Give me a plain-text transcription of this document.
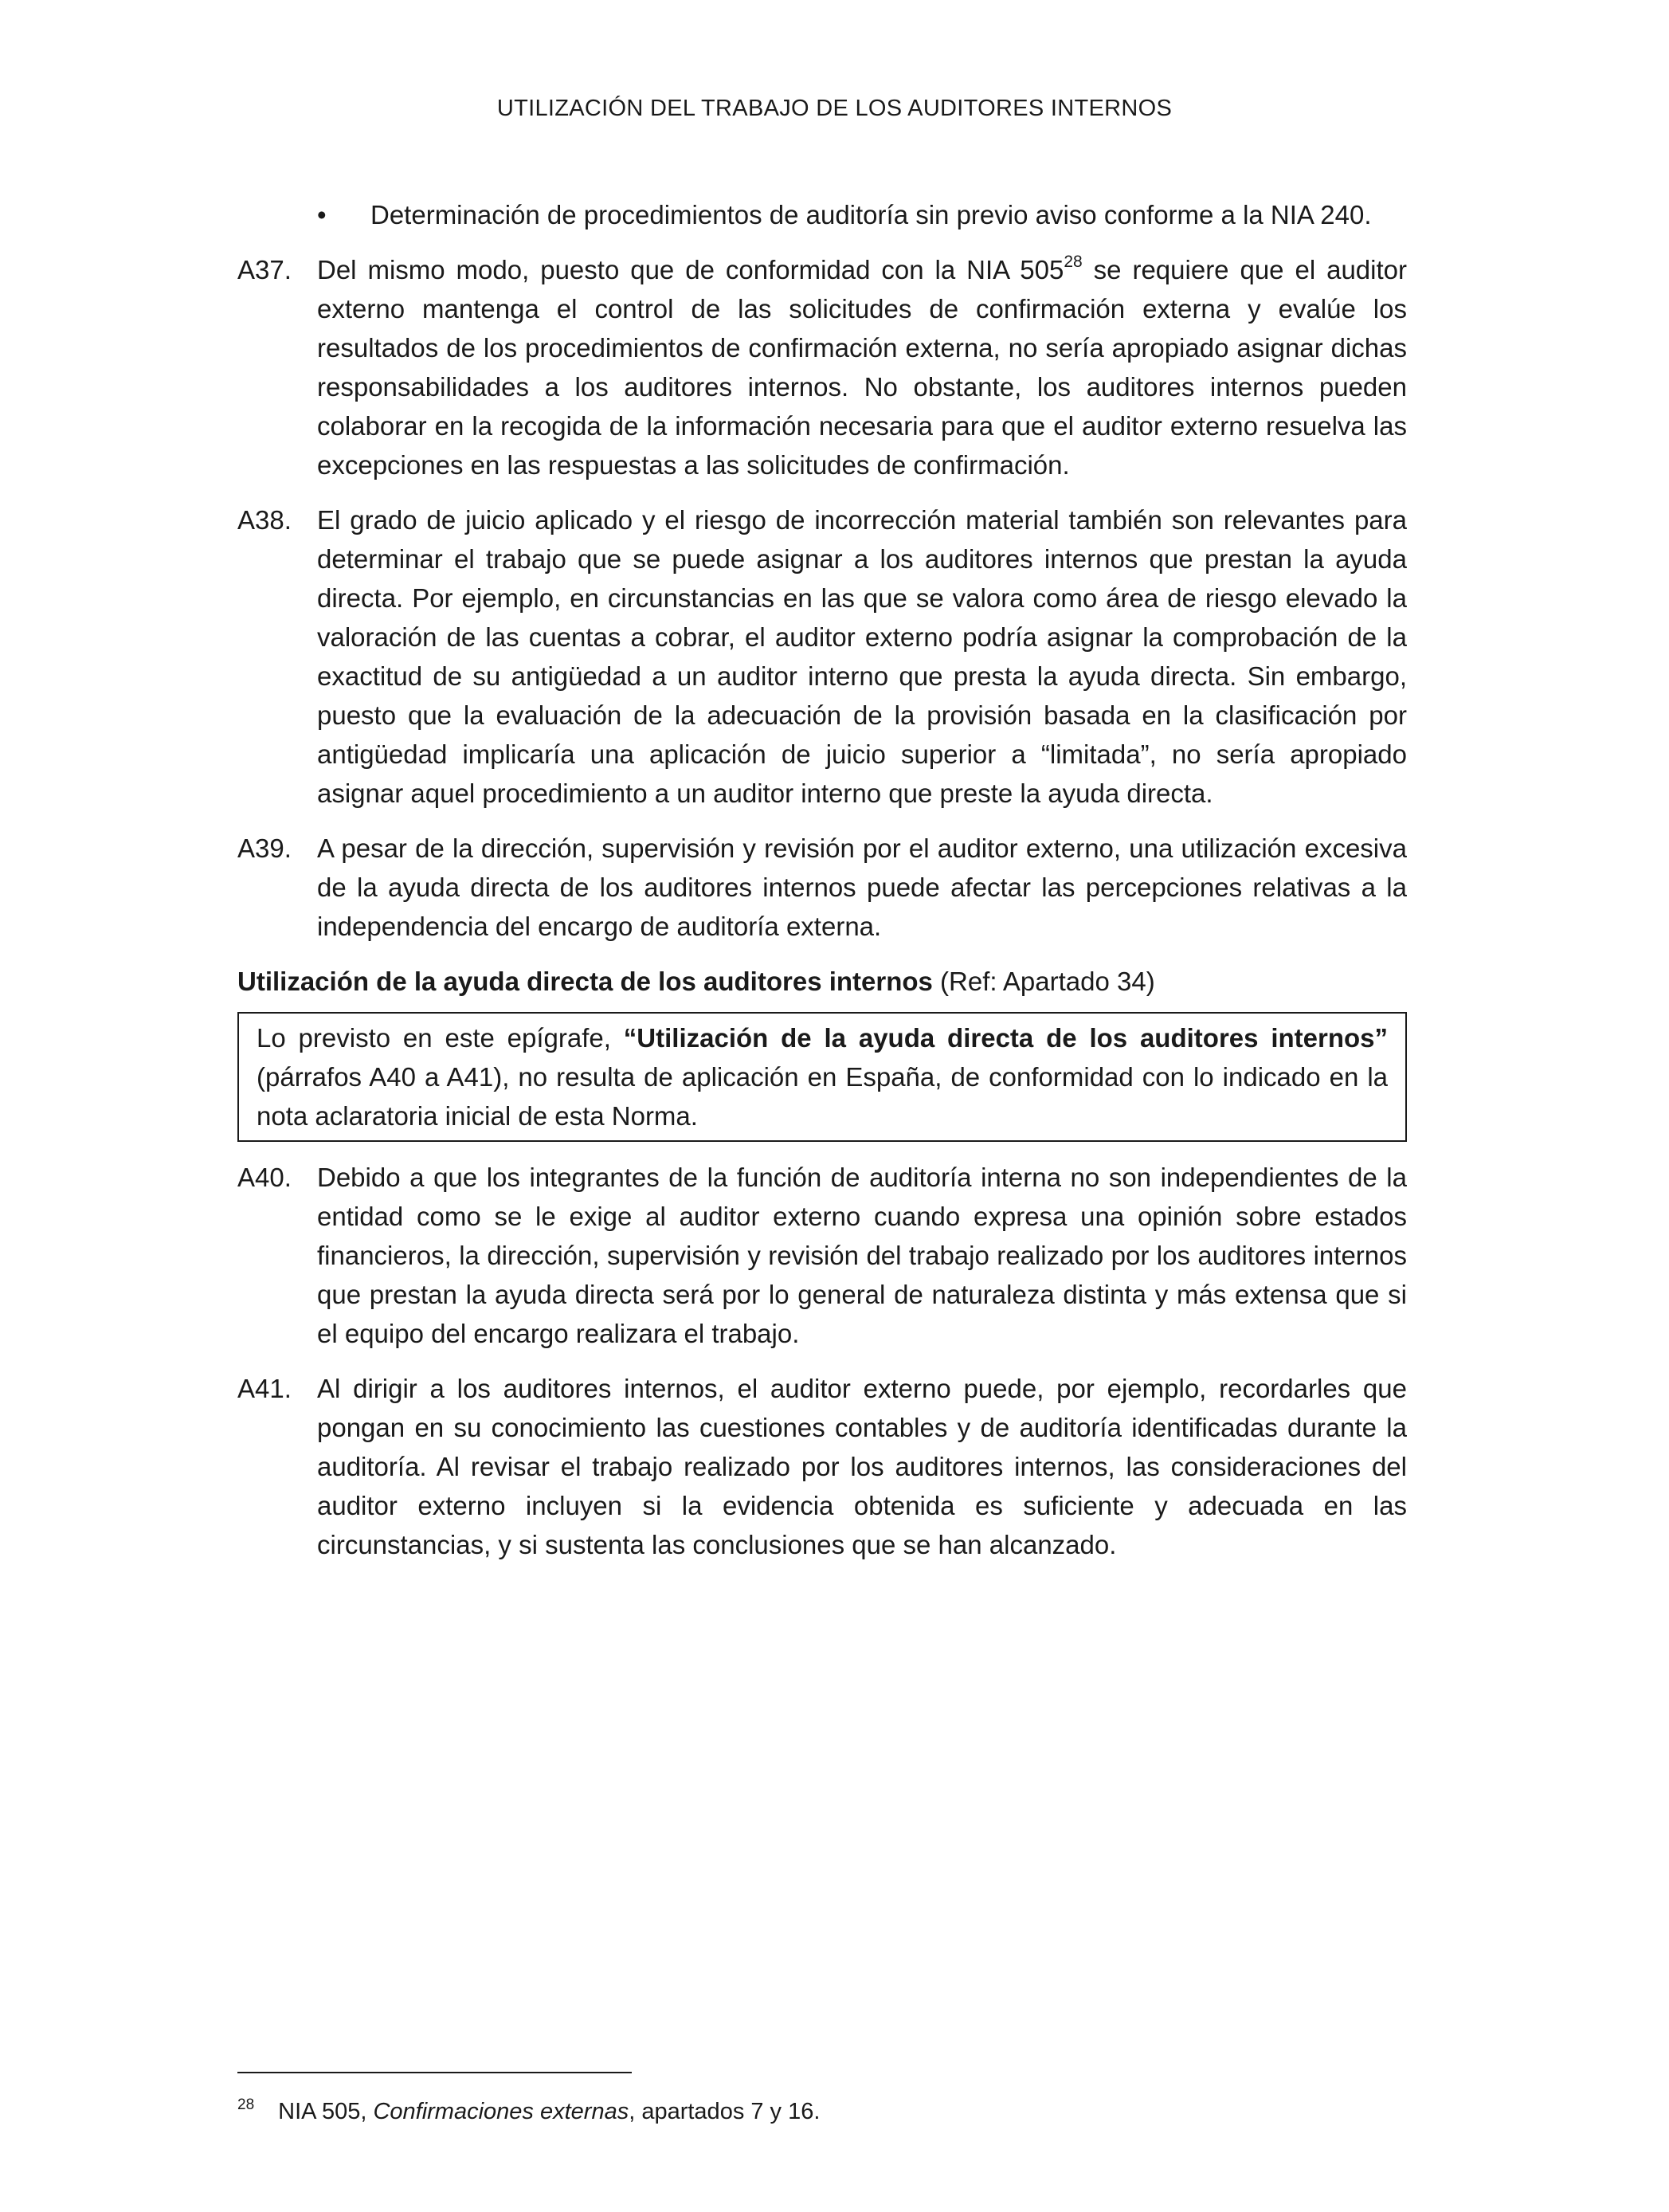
UTILIZACIÓN DEL TRABAJO DE LOS AUDITORES INTERNOS
•	Determinación de procedimientos de auditoría sin previo aviso conforme a la NIA 240.
A37. Del mismo modo, puesto que de conformidad con la NIA $505^{28}$ se requiere que el auditor externo mantenga el control de las solicitudes de confirmación externa y evalúe los resultados de los procedimientos de confirmación externa, no sería apropiado asignar dichas responsabilidades a los auditores internos. No obstante, los auditores internos pueden colaborar en la recogida de la información necesaria para que el auditor externo resuelva las excepciones en las respuestas a las solicitudes de confirmación.
A38. El grado de juicio aplicado y el riesgo de incorrección material también son relevantes para determinar el trabajo que se puede asignar a los auditores internos que prestan la ayuda directa. Por ejemplo, en circunstancias en las que se valora como área de riesgo elevado la valoración de las cuentas a cobrar, el auditor externo podría asignar la comprobación de la exactitud de su antigüedad a un auditor interno que presta la ayuda directa. Sin embargo, puesto que la evaluación de la adecuación de la provisión basada en la clasificación por antigüedad implicaría una aplicación de juicio superior a “limitada”, no sería apropiado asignar aquel procedimiento a un auditor interno que preste la ayuda directa.
A39. A pesar de la dirección, supervisión y revisión por el auditor externo, una utilización excesiva de la ayuda directa de los auditores internos puede afectar las percepciones relativas a la independencia del encargo de auditoría externa.
Utilización de la ayuda directa de los auditores internos (Ref: Apartado 34)
Lo previsto en este epígrafe, “Utilización de la ayuda directa de los auditores internos” (párrafos A40 a A41), no resulta de aplicación en España, de conformidad con lo indicado en la nota aclaratoria inicial de esta Norma.
A40. Debido a que los integrantes de la función de auditoría interna no son independientes de la entidad como se le exige al auditor externo cuando expresa una opinión sobre estados financieros, la dirección, supervisión y revisión del trabajo realizado por los auditores internos que prestan la ayuda directa será por lo general de naturaleza distinta y más extensa que si el equipo del encargo realizara el trabajo.
A41. Al dirigir a los auditores internos, el auditor externo puede, por ejemplo, recordarles que pongan en su conocimiento las cuestiones contables y de auditoría identificadas durante la auditoría. Al revisar el trabajo realizado por los auditores internos, las consideraciones del auditor externo incluyen si la evidencia obtenida es suficiente y adecuada en las circunstancias, y si sustenta las conclusiones que se han alcanzado.
$^{28}$ NIA 505, Confirmaciones externas, apartados 7 y 16.
